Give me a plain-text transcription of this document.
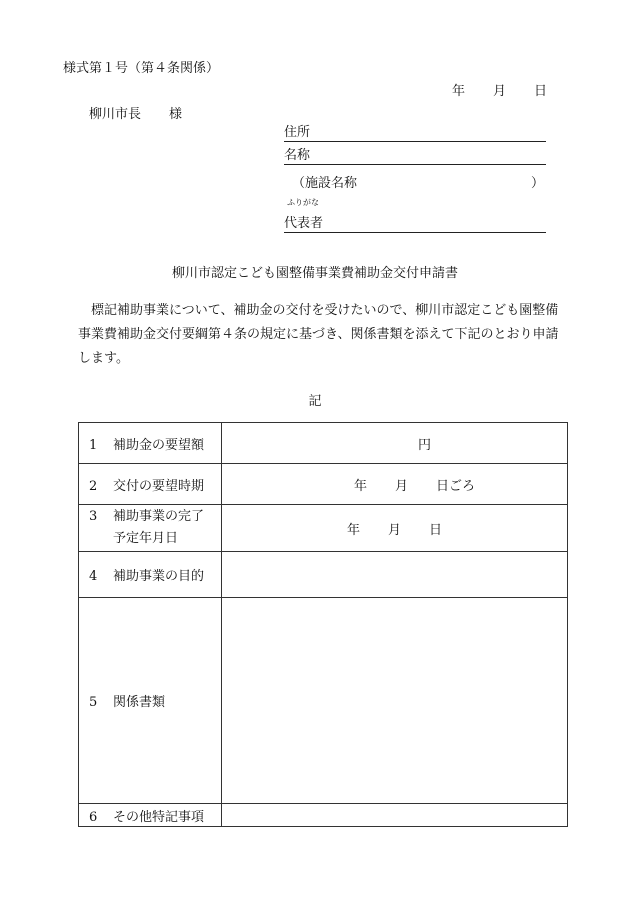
様式第１号（第４条関係）
年 月 日
柳川市長 様
住所
名称
（施設名称	）
ふりがな
代表者
柳川市認定こども園整備事業費補助金交付申請書
標記補助事業について、補助金の交付を受けたいので、柳川市認定こども園整備事業費補助金交付要綱第４条の規定に基づき、関係書類を添えて下記のとおり申請します。
記
1 補助金の要望額	円
2 交付の要望時期	年 月 日ごろ
3 補助事業の完了
予定年月日	年 月 日
4 補助事業の目的	
5 関係書類	
6 その他特記事項	
